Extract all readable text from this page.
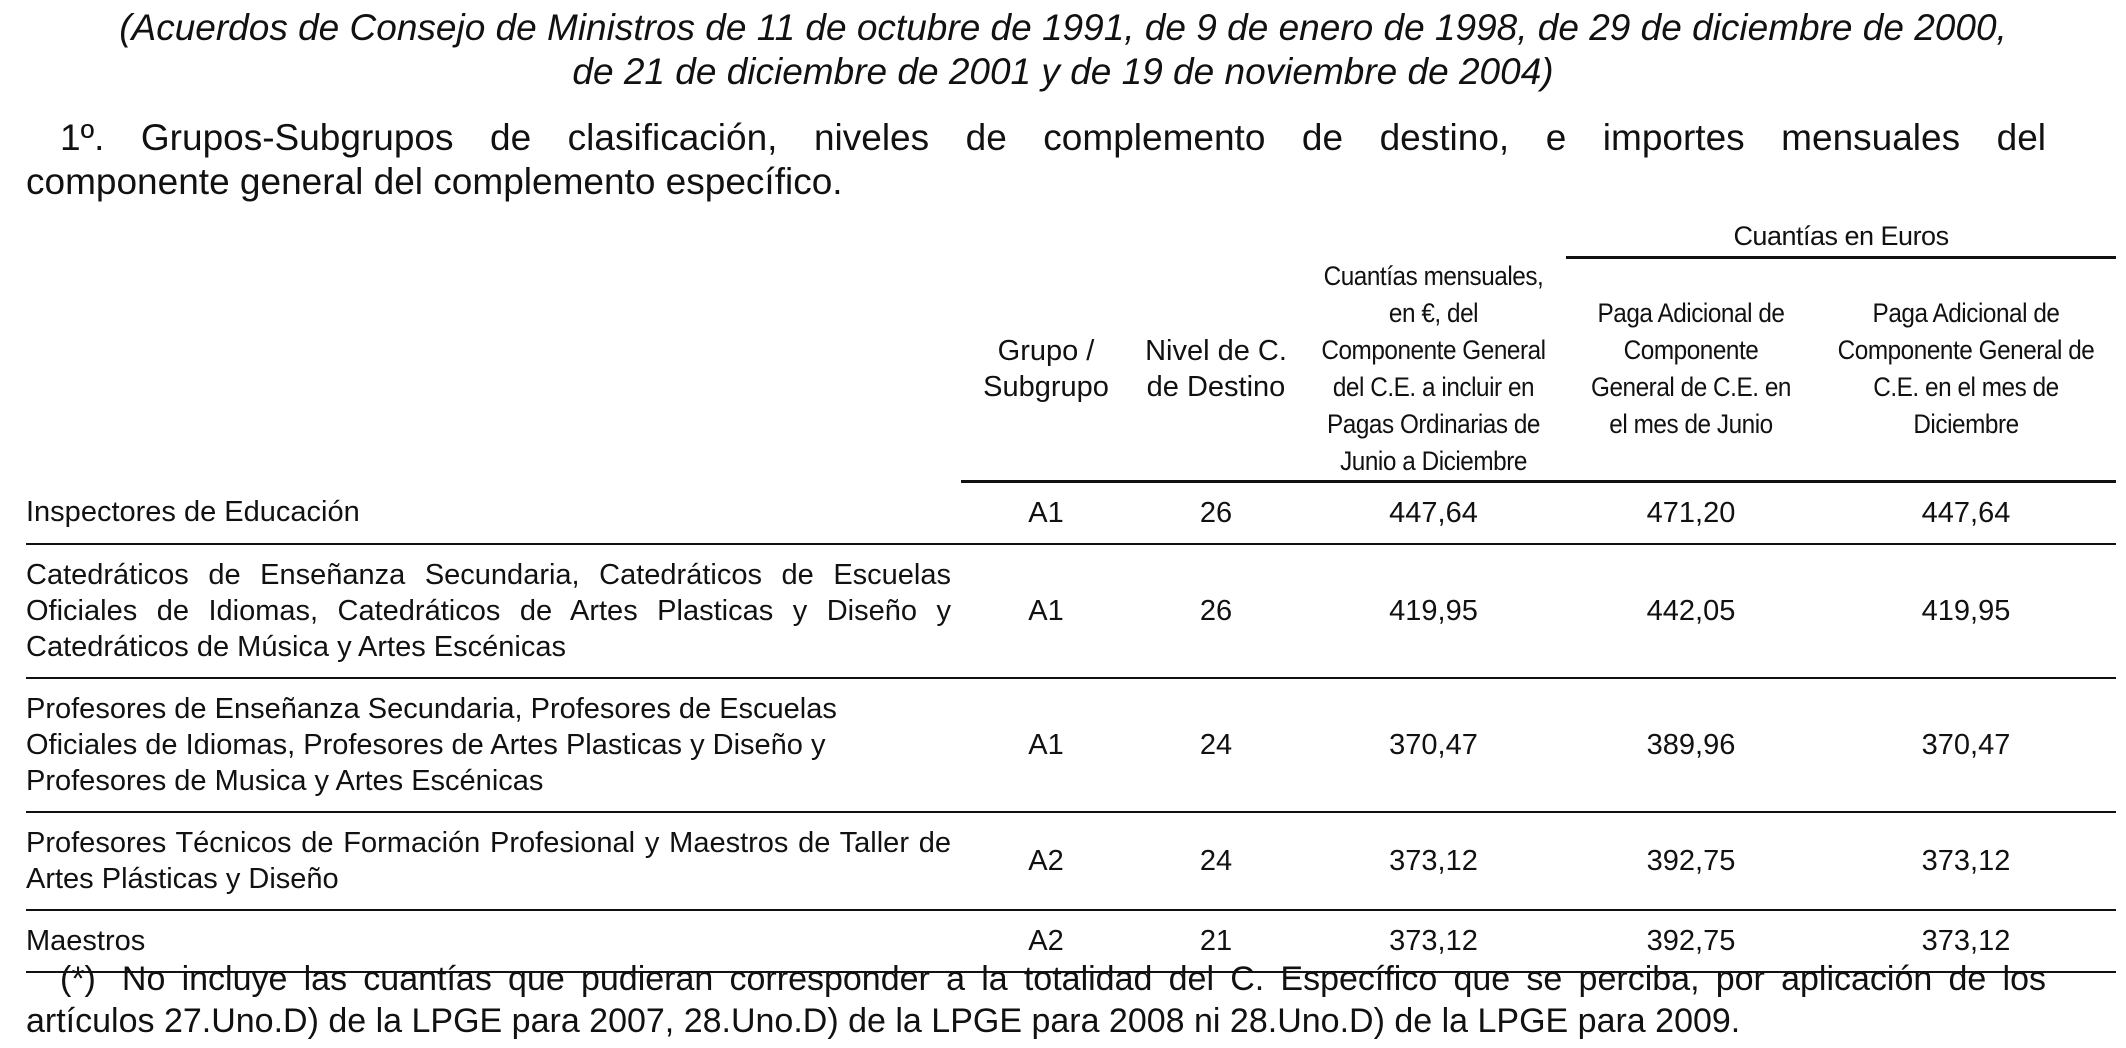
(Acuerdos de Consejo de Ministros de 11 de octubre de 1991, de 9 de enero de 1998, de 29 de diciembre de 2000,
de 21 de diciembre de 2001 y de 19 de noviembre de 2004)
1º. Grupos-Subgrupos de clasificación, niveles de complemento de destino, e importes mensuales del
componente general del complemento específico.
				Cuantías en Euros	

	Grupo / Subgrupo	Nivel de C. de Destino	Cuantías mensuales, en €, del Componente General del C.E. a incluir en Pagas Ordinarias de Junio a Diciembre	Paga Adicional de Componente General de C.E. en el mes de Junio	Paga Adicional de Componente General de C.E. en el mes de Diciembre

Inspectores de Educación	A1	26	447,64	471,20	447,64
Catedráticos de Enseñanza Secundaria, Catedráticos de Escuelas Oficiales de Idiomas, Catedráticos de Artes Plasticas y Diseño y Catedráticos de Música y Artes Escénicas	A1	26	419,95	442,05	419,95
Profesores de Enseñanza Secundaria, Profesores de Escuelas Oficiales de Idiomas, Profesores de Artes Plasticas y Diseño y Profesores de Musica y Artes Escénicas	A1	24	370,47	389,96	370,47
Profesores Técnicos de Formación Profesional y Maestros de Taller de Artes Plásticas y Diseño	A2	24	373,12	392,75	373,12
Maestros	A2	21	373,12	392,75	373,12
(*) No incluye las cuantías que pudieran corresponder a la totalidad del C. Específico que se perciba, por aplicación de los
artículos 27.Uno.D) de la LPGE para 2007, 28.Uno.D) de la LPGE para 2008 ni 28.Uno.D) de la LPGE para 2009.
